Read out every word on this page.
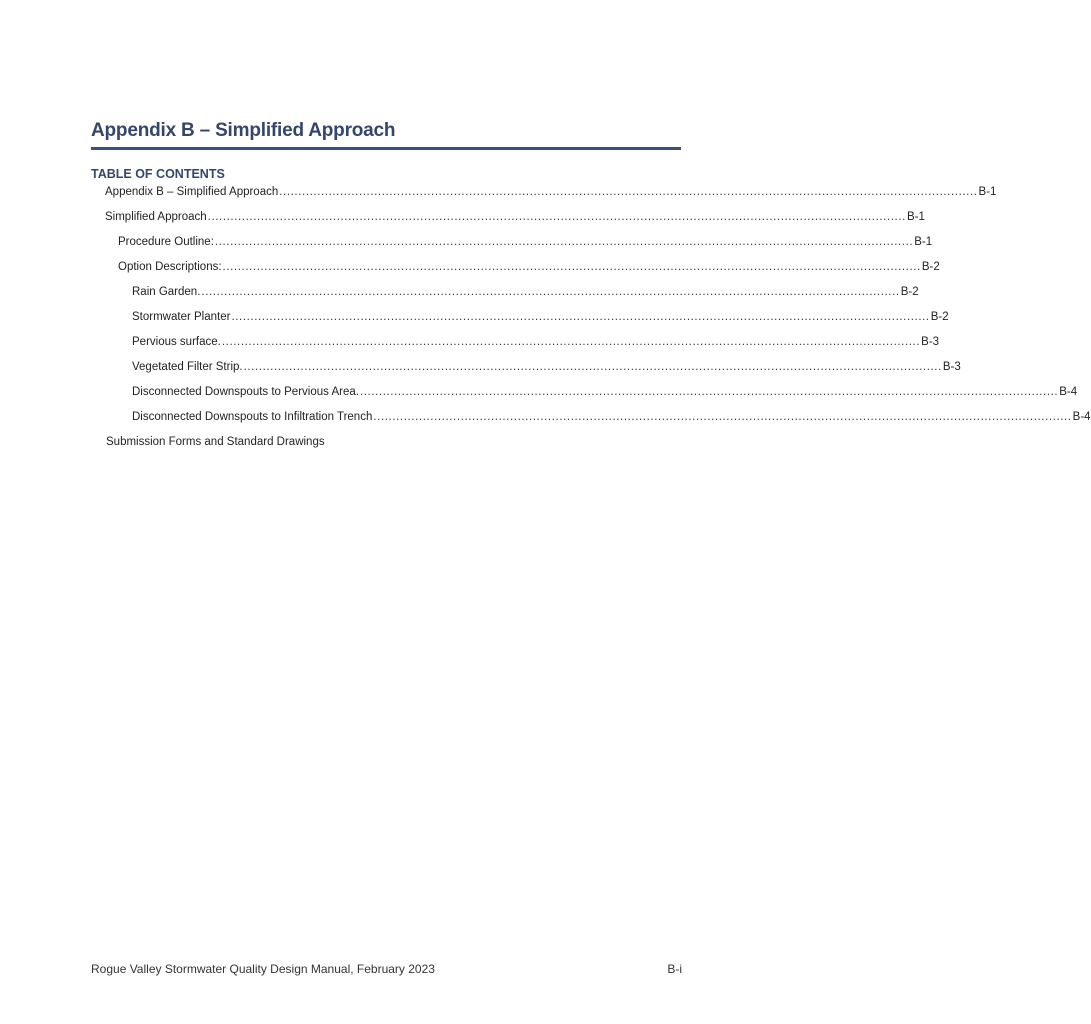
Appendix B – Simplified Approach
TABLE OF CONTENTS
Appendix B – Simplified Approach ........................................................................................................................................................................................ B-1
Simplified Approach ........................................................................................................................................................................................ B-1
Procedure Outline: ........................................................................................................................................................................................ B-1
Option Descriptions: ........................................................................................................................................................................................ B-2
Rain Garden. ........................................................................................................................................................................................ B-2
Stormwater Planter ........................................................................................................................................................................................ B-2
Pervious surface. ........................................................................................................................................................................................ B-3
Vegetated Filter Strip. ........................................................................................................................................................................................ B-3
Disconnected Downspouts to Pervious Area. ........................................................................................................................................................................................ B-4
Disconnected Downspouts to Infiltration Trench ........................................................................................................................................................................................ B-4
Submission Forms and Standard Drawings
Rogue Valley Stormwater Quality Design Manual, February 2023	B-i
